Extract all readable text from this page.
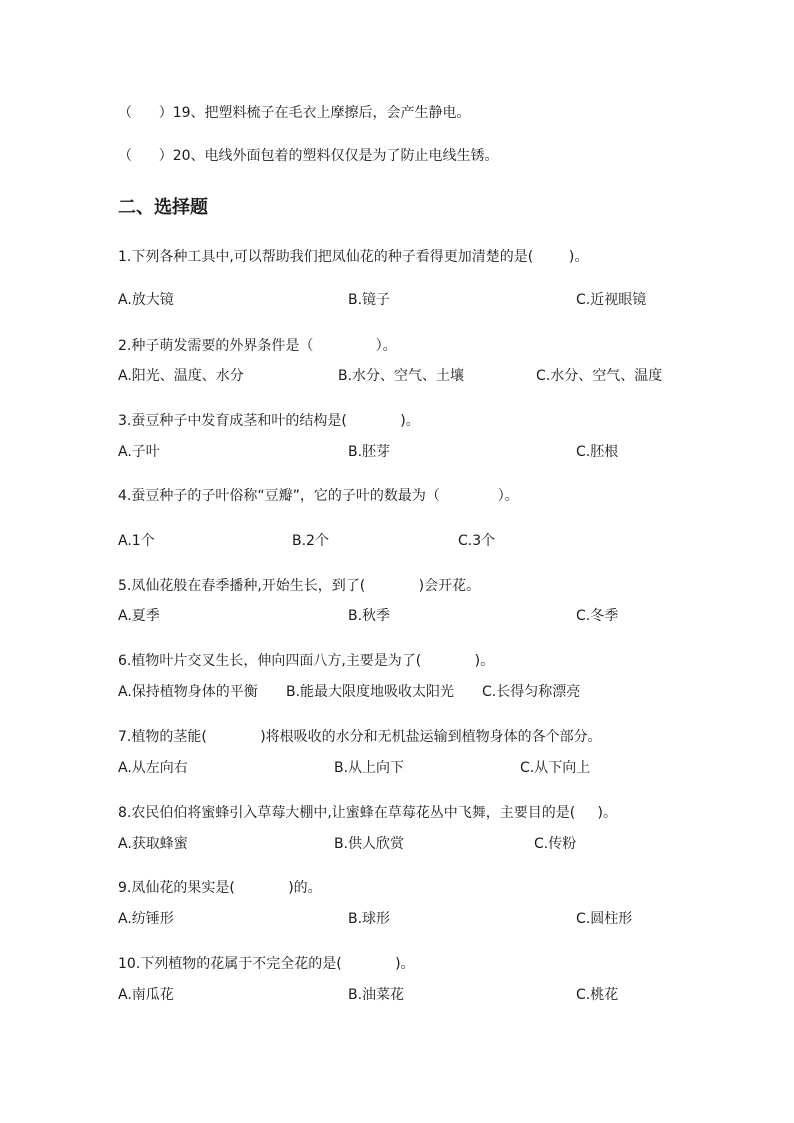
（      ）19、把塑料梳子在毛衣上摩擦后，会产生静电。
（      ）20、电线外面包着的塑料仅仅是为了防止电线生锈。
二、选择题
1.下列各种工具中,可以帮助我们把凤仙花的种子看得更加清楚的是(        )。
A.放大镜	B.镜子	C.近视眼镜
2.种子萌发需要的外界条件是（              ）。
A.阳光、温度、水分	B.水分、空气、土壤	C.水分、空气、温度
3.蚕豆种子中发育成茎和叶的结构是(            )。
A.子叶	B.胚芽	C.胚根
4.蚕豆种子的子叶俗称“豆瓣”，它的子叶的数最为（             ）。
A.1个	B.2个	C.3个
5.凤仙花般在春季播种,开始生长，到了(            )会开花。
A.夏季	B.秋季	C.冬季
6.植物叶片交叉生长，伸向四面八方,主要是为了(            )。
A.保持植物身体的平衡 B.能最大限度地吸收太阳光 C.长得匀称漂亮
7.植物的茎能(            )将根吸收的水分和无机盐运输到植物身体的各个部分。
A.从左向右	B.从上向下	C.从下向上
8.农民伯伯将蜜蜂引入草莓大棚中,让蜜蜂在草莓花丛中飞舞，主要目的是(     )。
A.获取蜂蜜	B.供人欣赏	C.传粉
9.凤仙花的果实是(            )的。
A.纺锤形	B.球形	C.圆柱形
10.下列植物的花属于不完全花的是(            )。
A.南瓜花	B.油菜花	C.桃花
